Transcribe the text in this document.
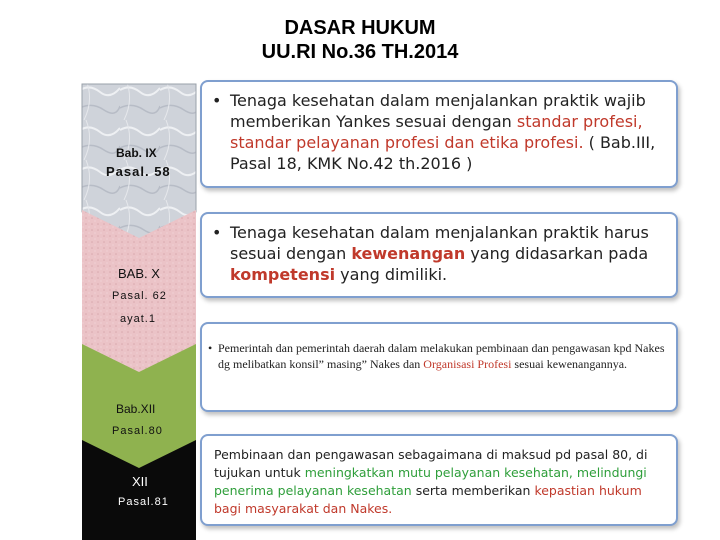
DASAR HUKUM
UU.RI No.36 TH.2014
Bab. IX
Pasal. 58
BAB. X
Pasal. 62
ayat.1
Bab.XII
Pasal.80
XII
Pasal.81
• Tenaga kesehatan dalam menjalankan praktik wajib memberikan Yankes sesuai dengan standar profesi, standar pelayanan profesi dan etika profesi. ( Bab.III, Pasal 18, KMK No.42 th.2016 )
• Tenaga kesehatan dalam menjalankan praktik harus sesuai dengan kewenangan yang didasarkan pada kompetensi yang dimiliki.
• Pemerintah dan pemerintah daerah dalam melakukan pembinaan dan pengawasan kpd Nakes dg melibatkan konsil” masing” Nakes dan Organisasi Profesi sesuai kewenangannya.
Pembinaan dan pengawasan sebagaimana di maksud pd pasal 80, di tujukan untuk meningkatkan mutu pelayanan kesehatan, melindungi penerima pelayanan kesehatan serta memberikan kepastian hukum bagi masyarakat dan Nakes.
